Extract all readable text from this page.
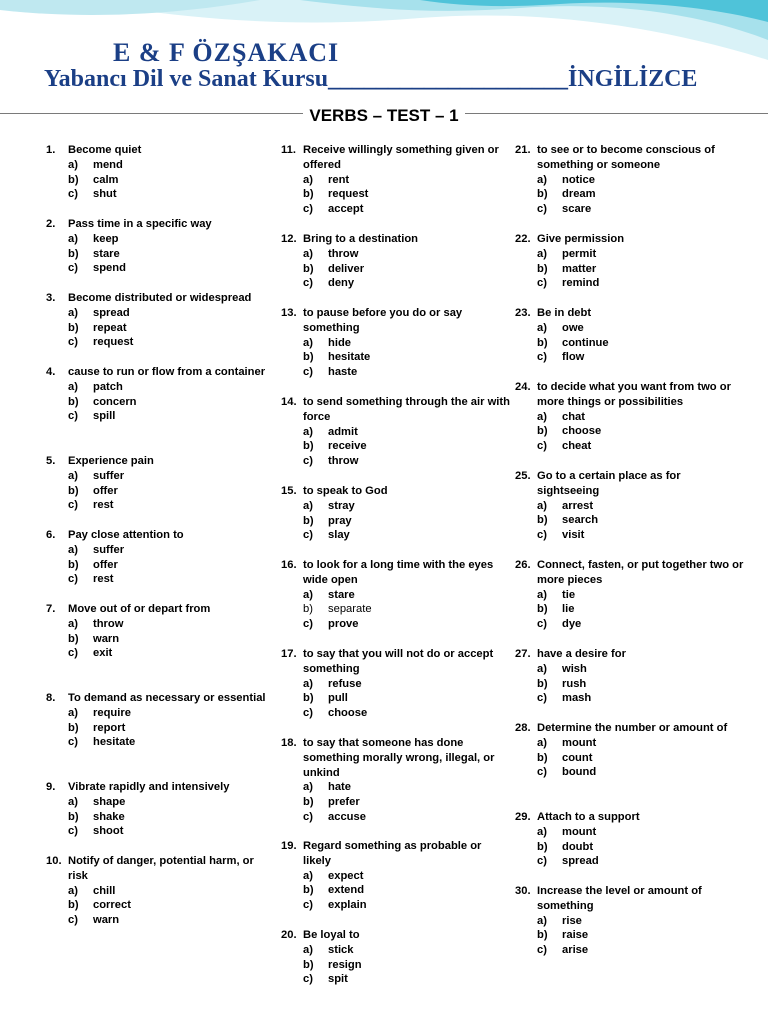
E & F ÖZŞAKACI
Yabancı Dil ve Sanat Kursu____________________İNGİLİZCE
VERBS – TEST – 1
1.	Become quiet
a)	mend
b)	calm
c)	shut
2.	Pass time in a specific way
a)	keep
b)	stare
c)	spend
3.	Become distributed or widespread
a)	spread
b)	repeat
c)	request
4.	cause to run or flow from a container
a)	patch
b)	concern
c)	spill
5.	Experience pain
a)	suffer
b)	offer
c)	rest
6.	Pay close attention to
a)	suffer
b)	offer
c)	rest
7.	Move out of or depart from
a)	throw
b)	warn
c)	exit
8.	To demand as necessary or essential
a)	require
b)	report
c)	hesitate
9.	Vibrate rapidly and intensively
a)	shape
b)	shake
c)	shoot
10. Notify of danger, potential harm, or risk
a)	chill
b)	correct
c)	warn
11. Receive willingly something given or offered
a)	rent
b)	request
c)	accept
12. Bring to a destination
a)	throw
b)	deliver
c)	deny
13. to pause before you do or say something
a)	hide
b)	hesitate
c)	haste
14. to send something through the air with force
a)	admit
b)	receive
c)	throw
15. to speak to God
a)	stray
b)	pray
c)	slay
16. to look for a long time with the eyes wide open
a)	stare
b)	separate
c)	prove
17. to say that you will not do or accept something
a)	refuse
b)	pull
c)	choose
18. to say that someone has done something morally wrong, illegal, or unkind
a)	hate
b)	prefer
c)	accuse
19. Regard something as probable or likely
a)	expect
b)	extend
c)	explain
20. Be loyal to
a)	stick
b)	resign
c)	spit
21. to see or to become conscious of something or someone
a)	notice
b)	dream
c)	scare
22. Give permission
a)	permit
b)	matter
c)	remind
23. Be in debt
a)	owe
b)	continue
c)	flow
24. to decide what you want from two or more things or possibilities
a)	chat
b)	choose
c)	cheat
25. Go to a certain place as for sightseeing
a)	arrest
b)	search
c)	visit
26. Connect, fasten, or put together two or more pieces
a)	tie
b)	lie
c)	dye
27. have a desire for
a)	wish
b)	rush
c)	mash
28. Determine the number or amount of
a)	mount
b)	count
c)	bound
29. Attach to a support
a)	mount
b)	doubt
c)	spread
30. Increase the level or amount of something
a)	rise
b)	raise
c)	arise
